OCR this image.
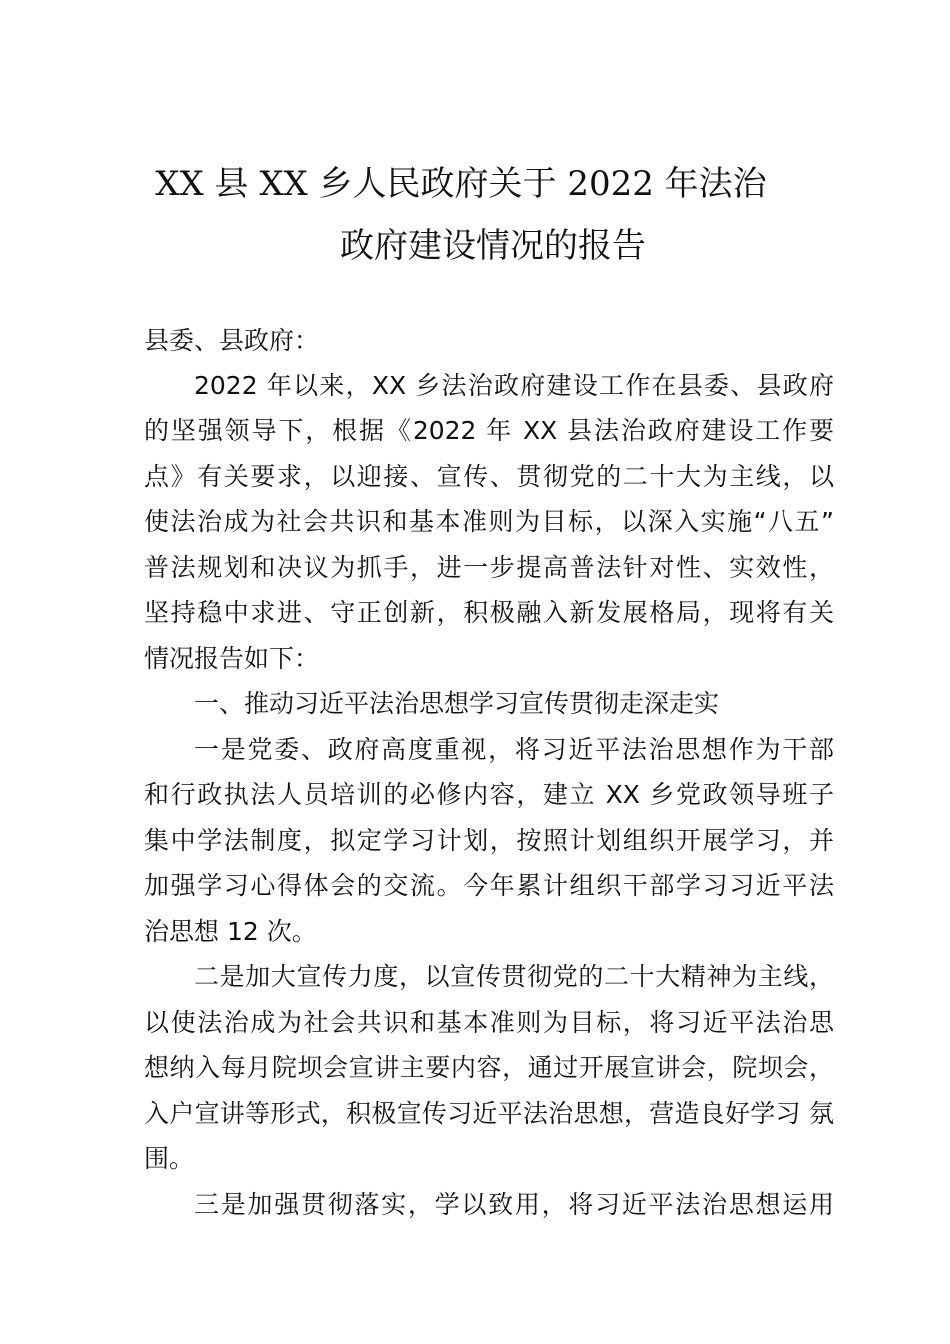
XX 县 XX 乡人民政府关于 2022 年法治
政府建设情况的报告
县委、县政府：
2022 年以来，XX 乡法治政府建设工作在县委、县政府
的坚强领导下，根据《2022 年 XX 县法治政府建设工作要
点》有关要求，以迎接、宣传、贯彻党的二十大为主线，以
使法治成为社会共识和基本准则为目标，以深入实施“八五”
普法规划和决议为抓手，进一步提高普法针对性、实效性，
坚持稳中求进、守正创新，积极融入新发展格局，现将有关
情况报告如下：
一、推动习近平法治思想学习宣传贯彻走深走实
一是党委、政府高度重视，将习近平法治思想作为干部
和行政执法人员培训的必修内容，建立 XX 乡党政领导班子
集中学法制度，拟定学习计划，按照计划组织开展学习，并
加强学习心得体会的交流。今年累计组织干部学习习近平法
治思想 12 次。
二是加大宣传力度，以宣传贯彻党的二十大精神为主线，
以使法治成为社会共识和基本准则为目标，将习近平法治思
想纳入每月院坝会宣讲主要内容，通过开展宣讲会，院坝会，
入户宣讲等形式，积极宣传习近平法治思想，营造良好学习 氛
围。
三是加强贯彻落实，学以致用，将习近平法治思想运用
